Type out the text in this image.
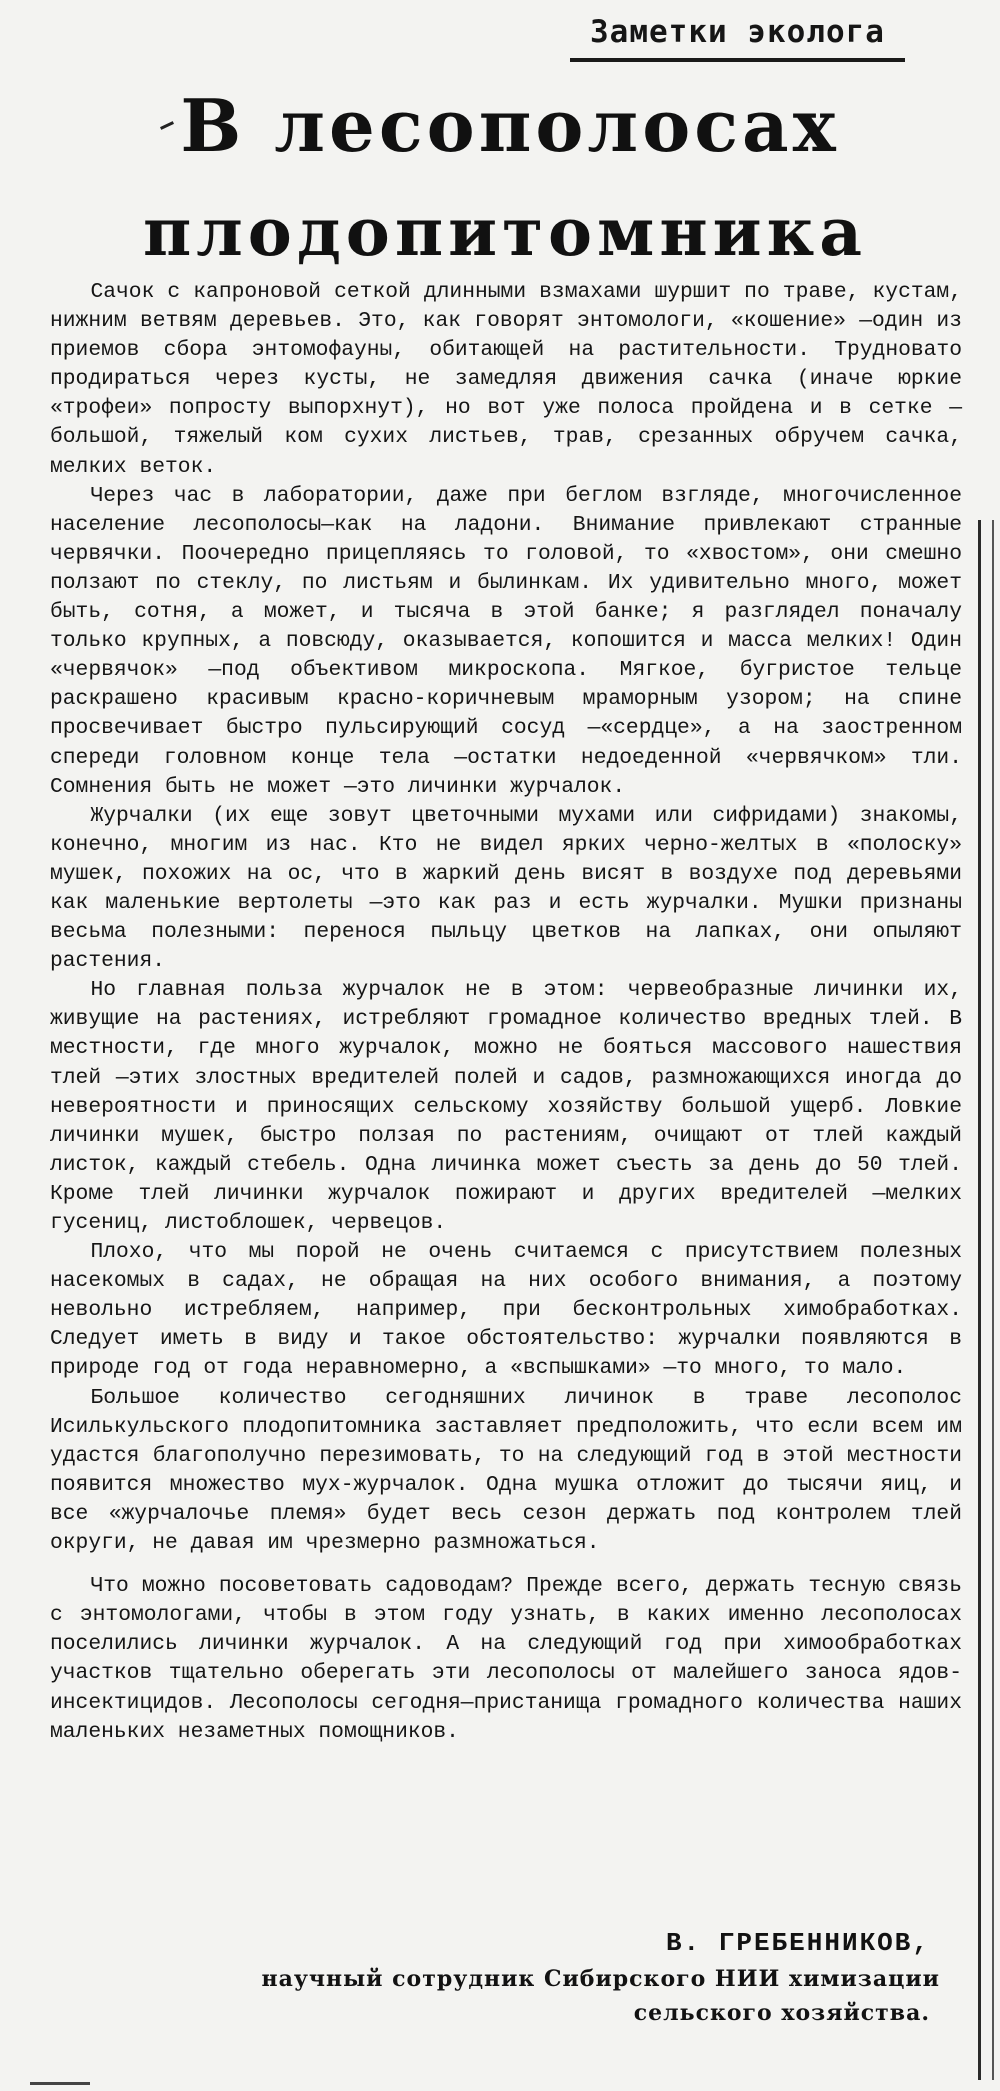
Заметки эколога
В лесополосах
плодопитомника

Сачок с капроновой сеткой длинными взмахами шуршит по траве, кустам, нижним ветвям деревьев. Это, как говорят энтомологи, «кошение» —один из приемов сбора энтомофауны, обитающей на растительности. Трудновато продираться через кусты, не замедляя движения сачка (иначе юркие «трофеи» попросту выпорхнут), но вот уже полоса пройдена и в сетке —большой, тяжелый ком сухих листьев, трав, срезанных обручем сачка, мелких веток.

Через час в лаборатории, даже при беглом взгляде, многочисленное население лесополосы—как на ладони. Внимание привлекают странные червячки. Поочередно прицепляясь то головой, то «хвостом», они смешно ползают по стеклу, по листьям и былинкам. Их удивительно много, может быть, сотня, а может, и тысяча в этой банке; я разглядел поначалу только крупных, а повсюду, оказывается, копошится и масса мелких! Один «червячок» —под объективом микроскопа. Мягкое, бугристое тельце раскрашено красивым красно-коричневым мраморным узором; на спине просвечивает быстро пульсирующий сосуд —«сердце», а на заостренном спереди головном конце тела —остатки недоеденной «червячком» тли. Сомнения быть не может —это личинки журчалок.

Журчалки (их еще зовут цветочными мухами или сифридами) знакомы, конечно, многим из нас. Кто не видел ярких черно-желтых в «полоску» мушек, похожих на ос, что в жаркий день висят в воздухе под деревьями как маленькие вертолеты —это как раз и есть журчалки. Мушки признаны весьма полезными: перенося пыльцу цветков на лапках, они опыляют растения.

Но главная польза журчалок не в этом: червеобразные личинки их, живущие на растениях, истребляют громадное количество вредных тлей. В местности, где много журчалок, можно не бояться массового нашествия тлей —этих злостных вредителей полей и садов, размножающихся иногда до невероятности и приносящих сельскому хозяйству большой ущерб. Ловкие личинки мушек, быстро ползая по растениям, очищают от тлей каждый листок, каждый стебель. Одна личинка может съесть за день до 50 тлей. Кроме тлей личинки журчалок пожирают и других вредителей —мелких гусениц, листоблошек, червецов.

Плохо, что мы порой не очень считаемся с присутствием полезных насекомых в садах, не обращая на них особого внимания, а поэтому невольно истребляем, например, при бесконтрольных химобработках. Следует иметь в виду и такое обстоятельство: журчалки появляются в природе год от года неравномерно, а «вспышками» —то много, то мало.

Большое количество сегодняшних личинок в траве лесополос Исилькульского плодопитомника заставляет предположить, что если всем им удастся благополучно перезимовать, то на следующий год в этой местности появится множество мух-журчалок. Одна мушка отложит до тысячи яиц, и все «журчалочье племя» будет весь сезон держать под контролем тлей округи, не давая им чрезмерно размножаться.

Что можно посоветовать садоводам? Прежде всего, держать тесную связь с энтомологами, чтобы в этом году узнать, в каких именно лесополосах поселились личинки журчалок. А на следующий год при химообработках участков тщательно оберегать эти лесополосы от малейшего заноса ядов-инсектицидов. Лесополосы сегодня—пристанища громадного количества наших маленьких незаметных помощников.

В. ГРЕБЕННИКОВ,
научный сотрудник Сибирского НИИ химизации
сельского хозяйства.
